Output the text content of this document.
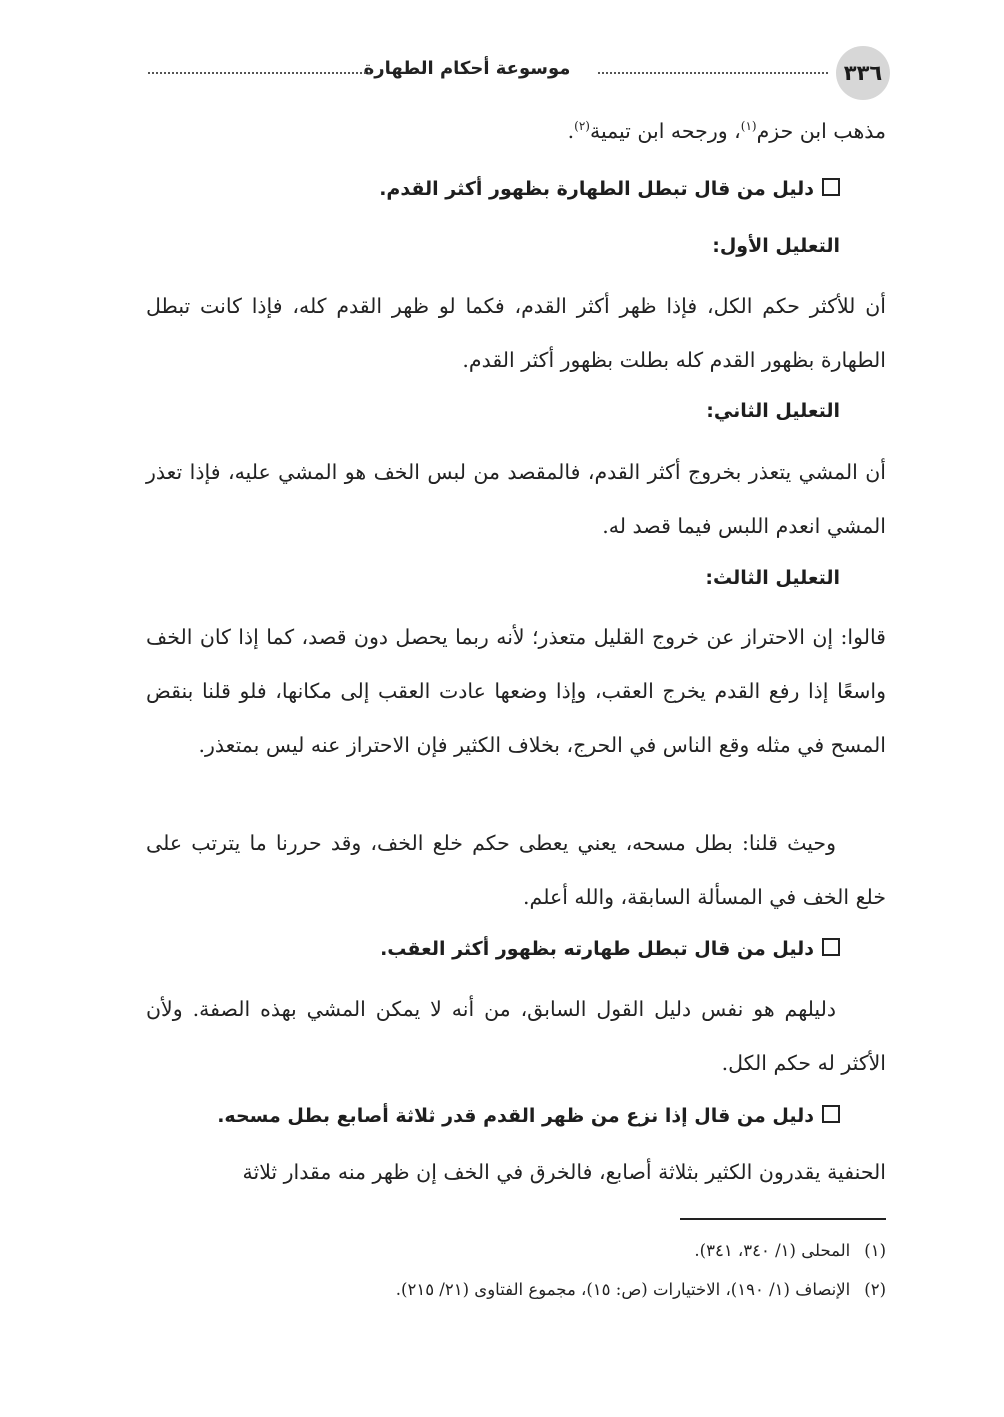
٣٣٦
موسوعة أحكام الطهارة
مذهب ابن حزم$^{(١)}$، ورجحه ابن تيمية$^{(٢)}$.
دليل من قال تبطل الطهارة بظهور أكثر القدم.
التعليل الأول:
أن للأكثر حكم الكل، فإذا ظهر أكثر القدم، فكما لو ظهر القدم كله، فإذا كانت تبطل الطهارة بظهور القدم كله بطلت بظهور أكثر القدم.
التعليل الثاني:
أن المشي يتعذر بخروج أكثر القدم، فالمقصد من لبس الخف هو المشي عليه، فإذا تعذر المشي انعدم اللبس فيما قصد له.
التعليل الثالث:
قالوا: إن الاحتراز عن خروج القليل متعذر؛ لأنه ربما يحصل دون قصد، كما إذا كان الخف واسعًا إذا رفع القدم يخرج العقب، وإذا وضعها عادت العقب إلى مكانها، فلو قلنا بنقض المسح في مثله وقع الناس في الحرج، بخلاف الكثير فإن الاحتراز عنه ليس بمتعذر.
وحيث قلنا: بطل مسحه، يعني يعطى حكم خلع الخف، وقد حررنا ما يترتب على خلع الخف في المسألة السابقة، والله أعلم.
دليل من قال تبطل طهارته بظهور أكثر العقب.
دليلهم هو نفس دليل القول السابق، من أنه لا يمكن المشي بهذه الصفة. ولأن الأكثر له حكم الكل.
دليل من قال إذا نزع من ظهر القدم قدر ثلاثة أصابع بطل مسحه.
الحنفية يقدرون الكثير بثلاثة أصابع، فالخرق في الخف إن ظهر منه مقدار ثلاثة
(١)المحلى (١/ ٣٤٠، ٣٤١).
(٢)الإنصاف (١/ ١٩٠)، الاختيارات (ص: ١٥)، مجموع الفتاوى (٢١/ ٢١٥).
